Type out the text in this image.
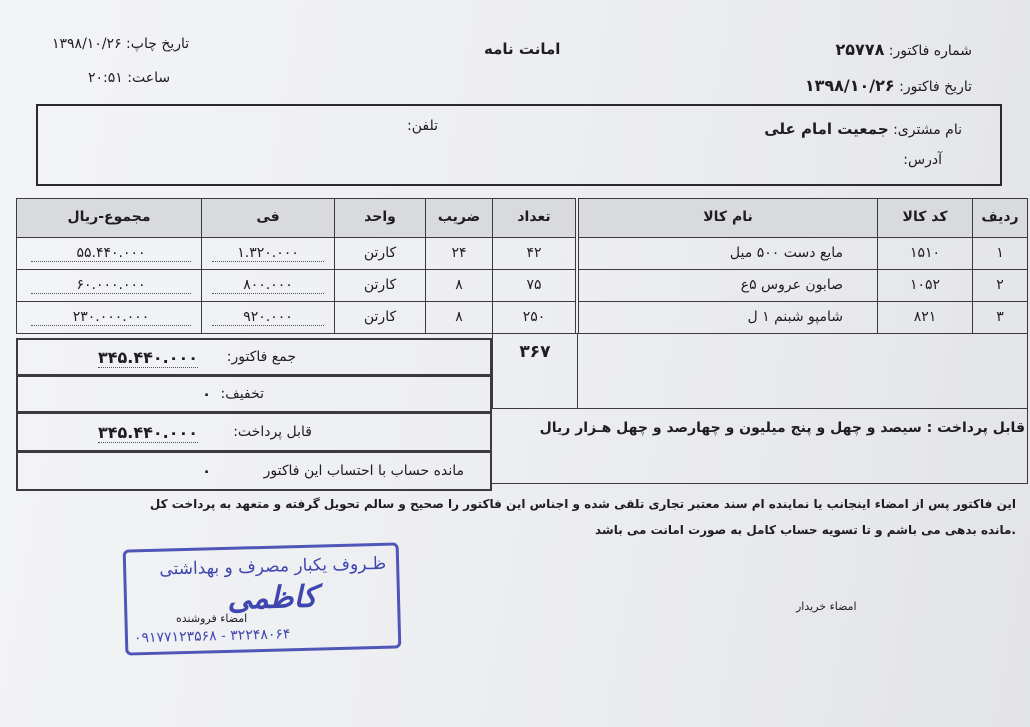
شماره فاکتور: ۲۵۷۷۸
تاریخ فاکتور: ۱۳۹۸/۱۰/۲۶
امانت نامه
تاریخ چاپ: ۱۳۹۸/۱۰/۲۶
ساعت: ۲۰:۵۱
نام مشتری: جمعیت امام علی
تلفن:
آدرس:
مجموع-ریال	فی	واحد	ضریب	تعداد	نام کالا	کد کالا	ردیف
۵۵.۴۴۰.۰۰۰	۱.۳۲۰.۰۰۰	کارتن	۲۴	۴۲	مایع دست ۵۰۰ میل	۱۵۱۰	۱
۶۰.۰۰۰.۰۰۰	۸۰۰.۰۰۰	کارتن	۸	۷۵	صابون عروس ۵ع	۱۰۵۲	۲
۲۳۰.۰۰۰.۰۰۰	۹۲۰.۰۰۰	کارتن	۸	۲۵۰	شامپو شبنم ۱ ل	۸۲۱	۳
۳۶۷
جمع فاکتور:
۳۴۵.۴۴۰.۰۰۰
تخفیف:
۰
قابل پرداخت:
۳۴۵.۴۴۰.۰۰۰
مانده حساب با احتساب این فاکتور
۰
قابل پرداخت : سیصد و چهل و پنج میلیون و چهارصد و چهل هـزار ریال
این فاکتور پس از امضاء اینجانب یا نماینده ام سند معتبر تجاری تلقی شده و اجناس این فاکتور را صحیح و سالم تحویل گرفته و متعهد به پرداخت کل
.مانده بدهی می باشم و تا تسویه حساب کامل به صورت امانت می باشد
امضاء خریدار
ظـروف یکبار مصرف و بهداشتی
کاظمی
۰۹۱۷۷۱۲۳۵۶۸ - ۳۲۲۴۸۰۶۴
امضاء فروشنده
